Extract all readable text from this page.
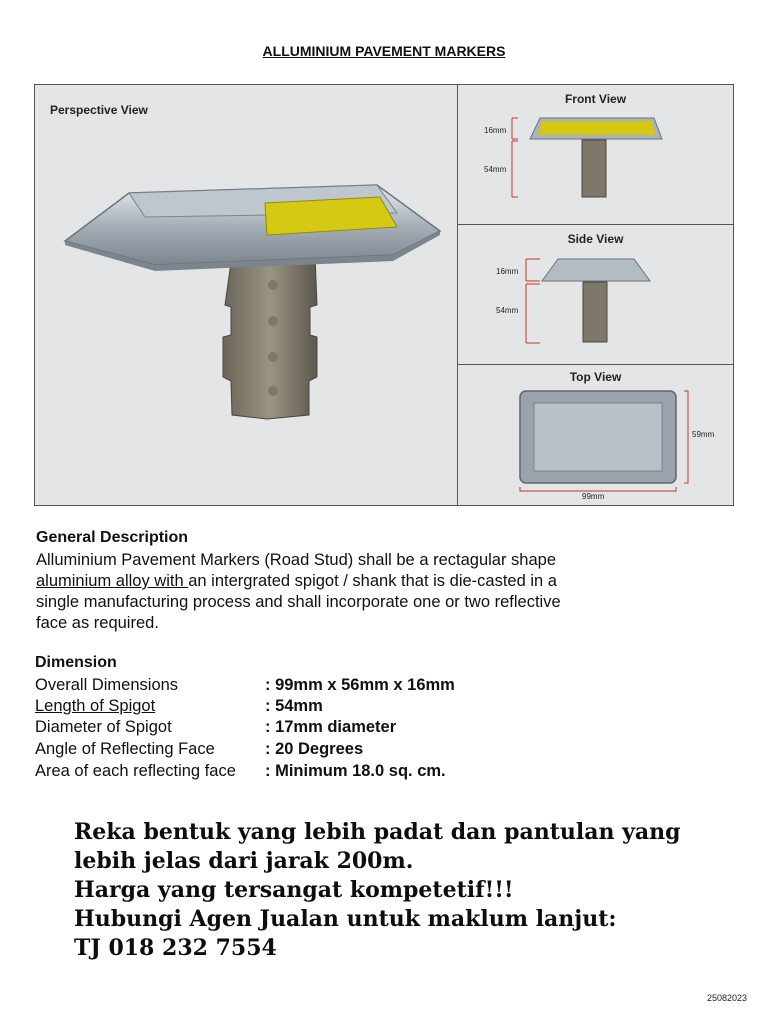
ALLUMINIUM PAVEMENT MARKERS
Perspective View
Front View
16mm
54mm
Side View
16mm
54mm
Top View
59mm
99mm
General Description
Alluminium Pavement Markers (Road Stud) shall be a rectagular shape
aluminium alloy with an intergrated spigot / shank that is die-casted in a
single manufacturing process and shall incorporate one or two reflective
face as required.
Dimension
Overall Dimensions	: 99mm x 56mm x 16mm
Length of Spigot	: 54mm
Diameter of Spigot	: 17mm diameter
Angle of Reflecting Face	: 20 Degrees
Area of each reflecting face : Minimum 18.0 sq. cm.
Reka bentuk yang lebih padat dan pantulan yang
lebih jelas dari jarak 200m.
Harga yang tersangat kompetetif!!!
Hubungi Agen Jualan untuk maklum lanjut:
TJ 018 232 7554
25082023
